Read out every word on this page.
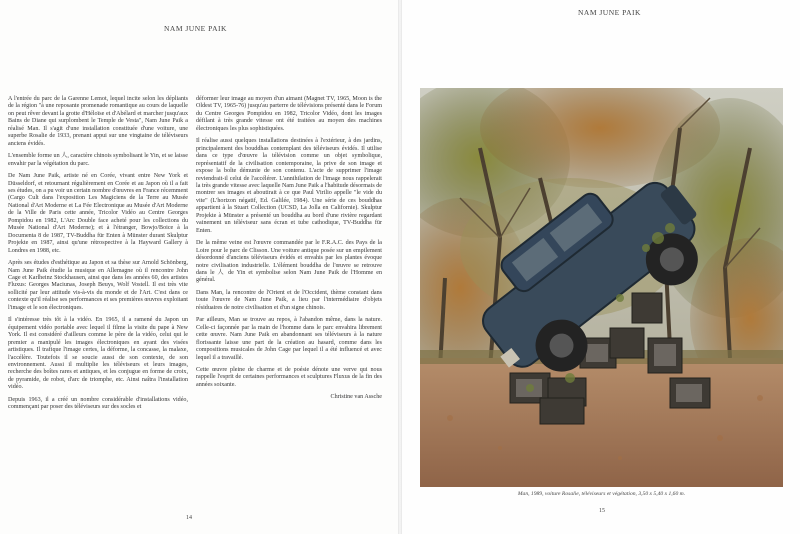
NAM JUNE PAIK

A l'entrée du parc de la Garenne Lemot, lequel incite selon les dépliants de la région "à une reposante promenade romantique au cours de laquelle on peut rêver devant la grotte d'Héloïse et d'Abélard et marcher jusqu'aux Bains de Diane qui surplombent le Temple de Vesta", Nam June Paik a réalisé Man. Il s'agit d'une installation constituée d'une voiture, une superbe Rosalie de 1933, prenant appui sur une vingtaine de téléviseurs anciens évidés.

L'ensemble forme un 人, caractère chinois symbolisant le Yin, et se laisse envahir par la végétation du parc.

De Nam June Paik, artiste né en Corée, vivant entre New York et Düsseldorf, et retournant régulièrement en Corée et au Japon où il a fait ses études, on a pu voir un certain nombre d'œuvres en France récemment (Cargo Cult dans l'exposition Les Magiciens de la Terre au Musée National d'Art Moderne et La Fée Electronique au Musée d'Art Moderne de la Ville de Paris cette année, Tricolor Vidéo au Centre Georges Pompidou en 1982, L'Arc Double face acheté pour les collections du Musée National d'Art Moderne); et à l'étranger, Bowjo/Boice à la Documenta 8 de 1987, TV-Buddha für Enten à Münster durant Skulptur Projekte en 1987, ainsi qu'une rétrospective à la Hayward Gallery à Londres en 1988, etc.

Après ses études d'esthétique au Japon et sa thèse sur Arnold Schönberg, Nam June Paik étudie la musique en Allemagne où il rencontre John Cage et Karlheinz Stockhausen, ainsi que dans les années 60, des artistes Fluxus: Georges Maciunas, Joseph Beuys, Wolf Vostell. Il est très vite sollicité par leur attitude vis-à-vis du monde et de l'Art. C'est dans ce contexte qu'il réalise ses performances et ses premières œuvres exploitant l'image et le son électroniques.

Il s'intéresse très tôt à la vidéo. En 1965, il a ramené du Japon un équipement vidéo portable avec lequel il filme la visite du pape à New York. Il est considéré d'ailleurs comme le père de la vidéo, celui qui le premier a manipulé les images électroniques en ayant des visées artistiques. Il trafique l'image certes, la déforme, la concasse, la malaxe, l'accélère. Toutefois il se soucie aussi de son contexte, de son environnement. Aussi il multiplie les téléviseurs et leurs images, recherche des boîtes rares et antiques, et les conjugue en forme de croix, de pyramide, de robot, d'arc de triomphe, etc. Ainsi naîtra l'installation vidéo.

Depuis 1963, il a créé un nombre considérable d'installations vidéo, commençant par poser des téléviseurs sur des socles et

déformer leur image au moyen d'un aimant (Magnet TV, 1965, Moon is the Oldest TV, 1965-76) jusqu'au parterre de télévisions présenté dans le Forum du Centre Georges Pompidou en 1982, Tricolor Vidéo, dont les images défilant à très grande vitesse ont été traitées au moyen des machines électroniques les plus sophistiquées.

Il réalise aussi quelques installations destinées à l'extérieur, à des jardins, principalement des bouddhas contemplant des téléviseurs évidés. Il utilise dans ce type d'œuvre la télévision comme un objet symbolique, représentatif de la civilisation contemporaine, la prive de son image et expose la boîte démunie de son contenu. L'acte de supprimer l'image reviendrait-il celui de l'accélérer. L'annihilation de l'image nous rappelerait la très grande vitesse avec laquelle Nam June Paik a l'habitude désormais de montrer ses images et aboutirait à ce que Paul Virilio appelle "le vide du vite" (L'horizon négatif, Ed. Galilée, 1984). Une série de ces bouddhas appartient à la Stuart Collection (UCSD, La Jolla en Californie). Skulptur Projekte à Münster a présenté un bouddha au bord d'une rivière regardant vainement un téléviseur sans écran et tube cathodique, TV-Buddha für Enten.

De la même veine est l'œuvre commandée par le F.R.A.C. des Pays de la Loire pour le parc de Clisson. Une voiture antique posée sur un empilement désordonné d'anciens téléviseurs évidés et envahis par les plantes évoque notre civilisation industrielle. L'élément bouddha de l'œuvre se retrouve dans le 人 de Yin et symbolise selon Nam June Paik de l'Homme en général.

Dans Man, la rencontre de l'Orient et de l'Occident, thème constant dans toute l'œuvre de Nam June Paik, a lieu par l'intermédiaire d'objets résiduaires de notre civilisation et d'un signe chinois.

Par ailleurs, Man se trouve au repos, à l'abandon même, dans la nature. Celle-ci façonnée par la main de l'homme dans le parc envahira librement cette œuvre. Nam June Paik en abandonnant ses téléviseurs à la nature florissante laisse une part de la création au hasard, comme dans les compositions musicales de John Cage par lequel il a été influencé et avec lequel il a travaillé.

Cette œuvre pleine de charme et de poésie dénote une verve qui nous rappelle l'esprit de certaines performances et sculptures Fluxus de la fin des années soixante.

Christine van Assche

14
NAM JUNE PAIK
15
Man, 1989, voiture Rosalie, téléviseurs et végétation, 3,50 x 5,40 x 1,60 m.
